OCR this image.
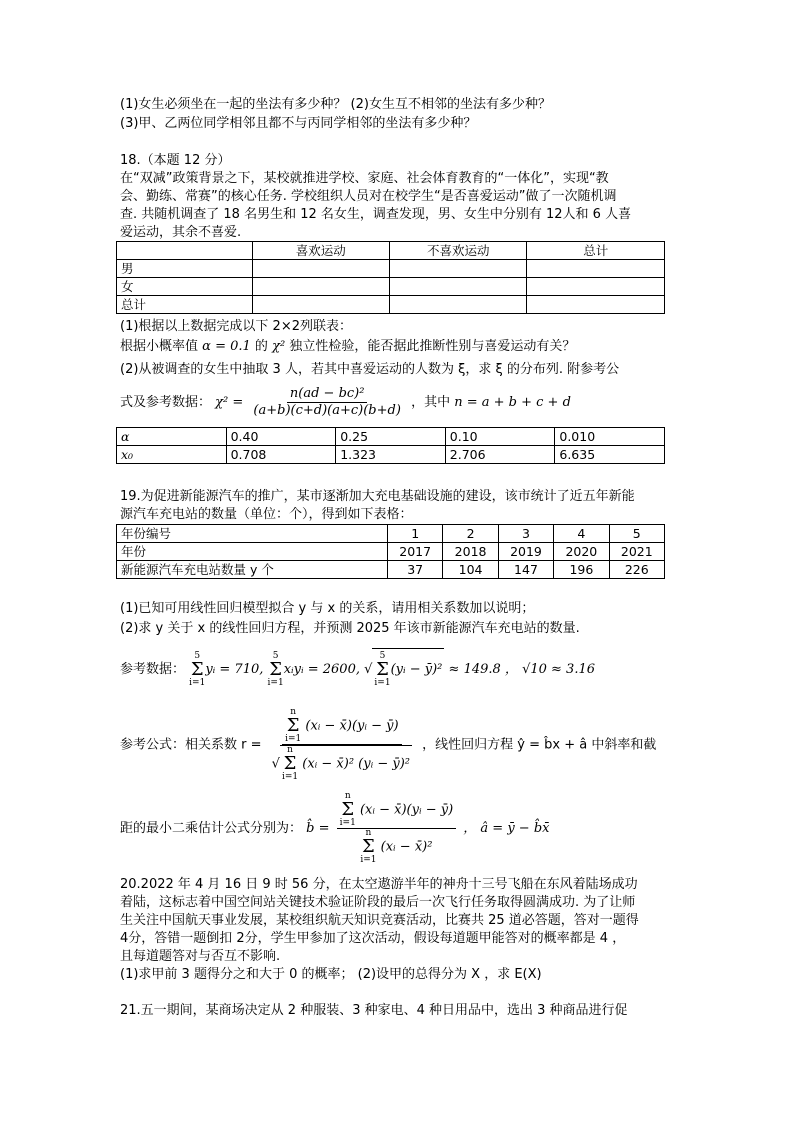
(1)女生必须坐在一起的坐法有多少种？ (2)女生互不相邻的坐法有多少种？
(3)甲、乙两位同学相邻且都不与丙同学相邻的坐法有多少种？
18.（本题 12 分）
在“双减”政策背景之下，某校就推进学校、家庭、社会体育教育的“一体化”，实现“教
会、勤练、常赛”的核心任务. 学校组织人员对在校学生“是否喜爱运动”做了一次随机调
查. 共随机调查了 18 名男生和 12 名女生，调查发现，男、女生中分别有 12人和 6 人喜
爱运动，其余不喜爱.
	喜欢运动	不喜欢运动	总计
男			
女			
总计			
(1)根据以上数据完成以下 2×2列联表：
根据小概率值 α = 0.1 的 χ² 独立性检验，能否据此推断性别与喜爱运动有关？
(2)从被调查的女生中抽取 3 人，若其中喜爱运动的人数为 ξ，求 ξ 的分布列. 附参考公
式及参考数据： $\chi^2 = \frac{\text{n(ad − bc)²}}{(a+b)(c+d)(a+c)(b+d)}$ ，其中 n = a + b + c + d
α	0.40	0.25	0.10	0.010
x₀	0.708	1.323	2.706	6.635
19.为促进新能源汽车的推广，某市逐渐加大充电基础设施的建设，该市统计了近五年新能
源汽车充电站的数量（单位：个），得到如下表格：
年份编号	1	2	3	4	5
年份	2017	2018	2019	2020	2021
新能源汽车充电站数量 y 个	37	104	147	196	226
(1)已知可用线性回归模型拟合 y 与 x 的关系，请用相关系数加以说明；
(2)求 y 关于 x 的线性回归方程，并预测 2025 年该市新能源汽车充电站的数量.
参考数据：
5
Σ
i=1
yᵢ = 710,
5
Σ
i=1
xᵢyᵢ = 2600, √
5
Σ
i=1
(yᵢ − ȳ)² ≈ 149.8 ， √10 ≈ 3.16
参考公式：相关系数 r = n
Σ
i=1
(xᵢ − x̄)(yᵢ − ȳ)
√
n
Σ
i=1
(xᵢ − x̄)² (yᵢ − ȳ)² ，线性回归方程 ŷ = b̂x + â 中斜率和截
距的最小二乘估计公式分别为： b̂ = n
Σ
i=1
(xᵢ − x̄)(yᵢ − ȳ)
n
Σ
i=1
(xᵢ − x̄)² ， â = ȳ − b̂x̄
20.2022 年 4 月 16 日 9 时 56 分，在太空遨游半年的神舟十三号飞船在东风着陆场成功
着陆，这标志着中国空间站关键技术验证阶段的最后一次飞行任务取得圆满成功. 为了让师
生关注中国航天事业发展，某校组织航天知识竞赛活动，比赛共 25 道必答题，答对一题得
4分，答错一题倒扣 2分，学生甲参加了这次活动，假设每道题甲能答对的概率都是 4 ，
且每道题答对与否互不影响.
(1)求甲前 3 题得分之和大于 0 的概率； (2)设甲的总得分为 X ，求 E(X)
21.五一期间，某商场决定从 2 种服装、3 种家电、4 种日用品中，选出 3 种商品进行促
